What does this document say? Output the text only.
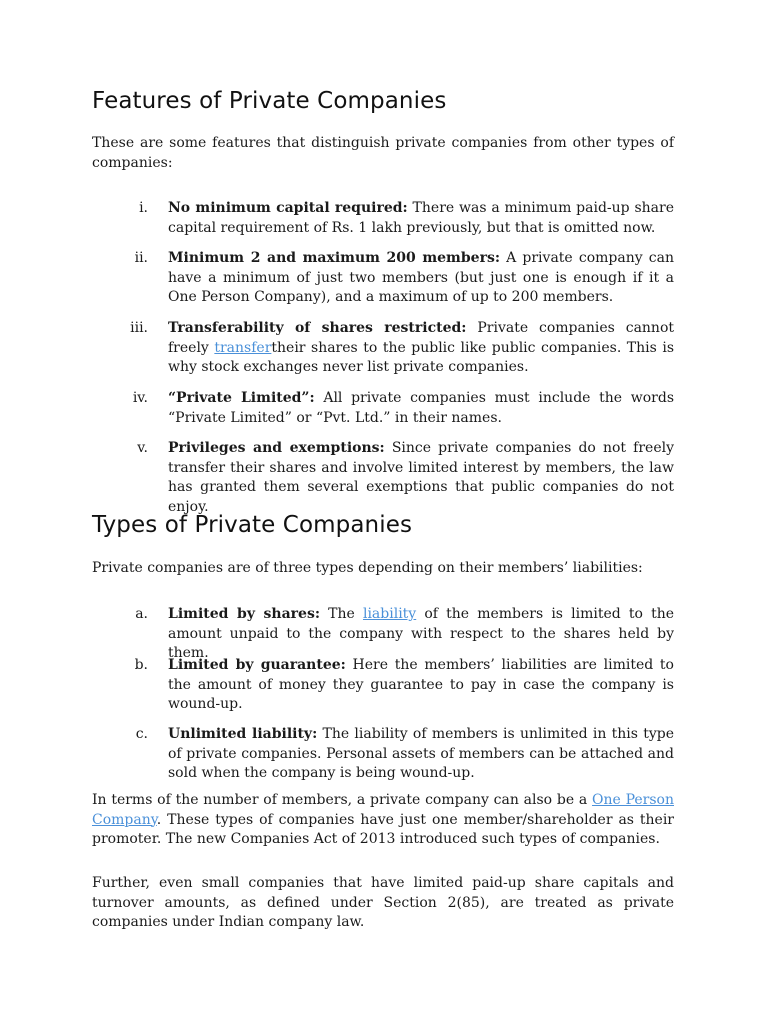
Features of Private Companies

These are some features that distinguish private companies from other types of companies:

i. No minimum capital required: There was a minimum paid-up share capital requirement of Rs. 1 lakh previously, but that is omitted now.
ii. Minimum 2 and maximum 200 members: A private company can have a minimum of just two members (but just one is enough if it a One Person Company), and a maximum of up to 200 members.
iii. Transferability of shares restricted: Private companies cannot freely transfertheir shares to the public like public companies. This is why stock exchanges never list private companies.
iv. “Private Limited”: All private companies must include the words “Private Limited” or “Pvt. Ltd.” in their names.
v. Privileges and exemptions: Since private companies do not freely transfer their shares and involve limited interest by members, the law has granted them several exemptions that public companies do not enjoy.
Types of Private Companies

Private companies are of three types depending on their members’ liabilities:

a. Limited by shares: The liability of the members is limited to the amount unpaid to the company with respect to the shares held by them.
b. Limited by guarantee: Here the members’ liabilities are limited to the amount of money they guarantee to pay in case the company is wound-up.
c. Unlimited liability: The liability of members is unlimited in this type of private companies. Personal assets of members can be attached and sold when the company is being wound-up.

In terms of the number of members, a private company can also be a One Person Company. These types of companies have just one member/shareholder as their promoter. The new Companies Act of 2013 introduced such types of companies.

Further, even small companies that have limited paid-up share capitals and turnover amounts, as defined under Section 2(85), are treated as private companies under Indian company law.
